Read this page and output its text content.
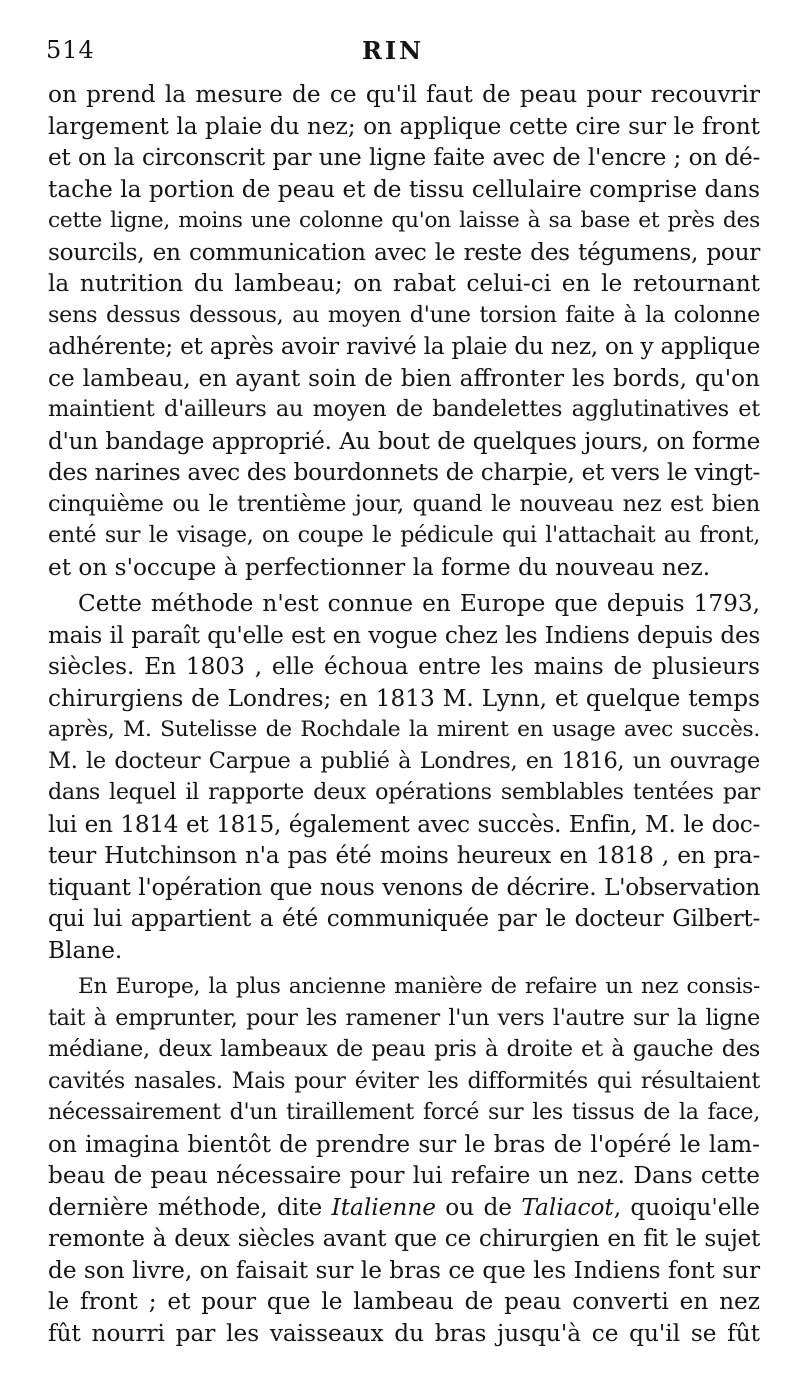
514	RIN

on prend la mesure de ce qu'il faut de peau pour recouvrir
largement la plaie du nez; on applique cette cire sur le front
et on la circonscrit par une ligne faite avec de l'encre ; on dé-
tache la portion de peau et de tissu cellulaire comprise dans
cette ligne, moins une colonne qu'on laisse à sa base et près des
sourcils, en communication avec le reste des tégumens, pour
la nutrition du lambeau; on rabat celui-ci en le retournant
sens dessus dessous, au moyen d'une torsion faite à la colonne
adhérente; et après avoir ravivé la plaie du nez, on y applique
ce lambeau, en ayant soin de bien affronter les bords, qu'on
maintient d'ailleurs au moyen de bandelettes agglutinatives et
d'un bandage approprié. Au bout de quelques jours, on forme
des narines avec des bourdonnets de charpie, et vers le vingt-
cinquième ou le trentième jour, quand le nouveau nez est bien
enté sur le visage, on coupe le pédicule qui l'attachait au front,
et on s'occupe à perfectionner la forme du nouveau nez.

Cette méthode n'est connue en Europe que depuis 1793,
mais il paraît qu'elle est en vogue chez les Indiens depuis des
siècles. En 1803 , elle échoua entre les mains de plusieurs
chirurgiens de Londres; en 1813 M. Lynn, et quelque temps
après, M. Sutelisse de Rochdale la mirent en usage avec succès.
M. le docteur Carpue a publié à Londres, en 1816, un ouvrage
dans lequel il rapporte deux opérations semblables tentées par
lui en 1814 et 1815, également avec succès. Enfin, M. le doc-
teur Hutchinson n'a pas été moins heureux en 1818 , en pra-
tiquant l'opération que nous venons de décrire. L'observation
qui lui appartient a été communiquée par le docteur Gilbert-
Blane.

En Europe, la plus ancienne manière de refaire un nez consis-
tait à emprunter, pour les ramener l'un vers l'autre sur la ligne
médiane, deux lambeaux de peau pris à droite et à gauche des
cavités nasales. Mais pour éviter les difformités qui résultaient
nécessairement d'un tiraillement forcé sur les tissus de la face,
on imagina bientôt de prendre sur le bras de l'opéré le lam-
beau de peau nécessaire pour lui refaire un nez. Dans cette
dernière méthode, dite Italienne ou de Taliacot, quoiqu'elle
remonte à deux siècles avant que ce chirurgien en fit le sujet
de son livre, on faisait sur le bras ce que les Indiens font sur
le front ; et pour que le lambeau de peau converti en nez
fût nourri par les vaisseaux du bras jusqu'à ce qu'il se fût
